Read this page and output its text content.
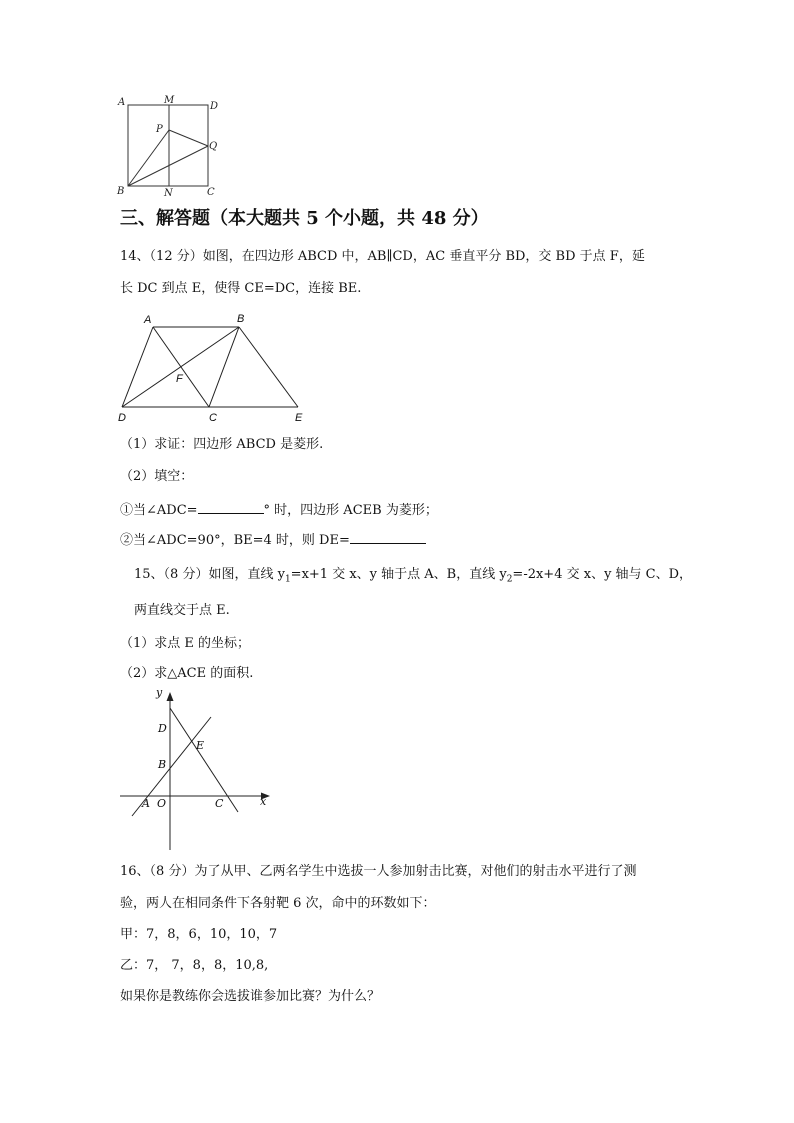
A	M
D
P
Q
B	N	C
三、解答题（本大题共 5 个小题，共 48 分）
14、（12 分）如图，在四边形 ABCD 中，AB∥CD，AC 垂直平分 BD，交 BD 于点 F，延
长 DC 到点 E，使得 CE=DC，连接 BE.
A	B
F
D	C	E
（1）求证：四边形 ABCD 是菱形.
（2）填空：
①当∠ADC=	° 时，四边形 ACEB 为菱形；
②当∠ADC=90°，BE=4 时，则 DE=
15、（8 分）如图，直线 $y_1=x+1$ 交 x、y 轴于点 A、B，直线 $y_2=-2x+4$ 交 x、y 轴与 C、D，
两直线交于点 E.
（1）求点 E 的坐标；
（2）求△ACE 的面积.
y
x
D
E
B
A O	C
16、（8 分）为了从甲、乙两名学生中选拔一人参加射击比赛，对他们的射击水平进行了测
验，两人在相同条件下各射靶 6 次，命中的环数如下：
甲：7，8，6，10，10，7
乙：7， 7，8，8，10,8,
如果你是教练你会选拔谁参加比赛？为什么？
